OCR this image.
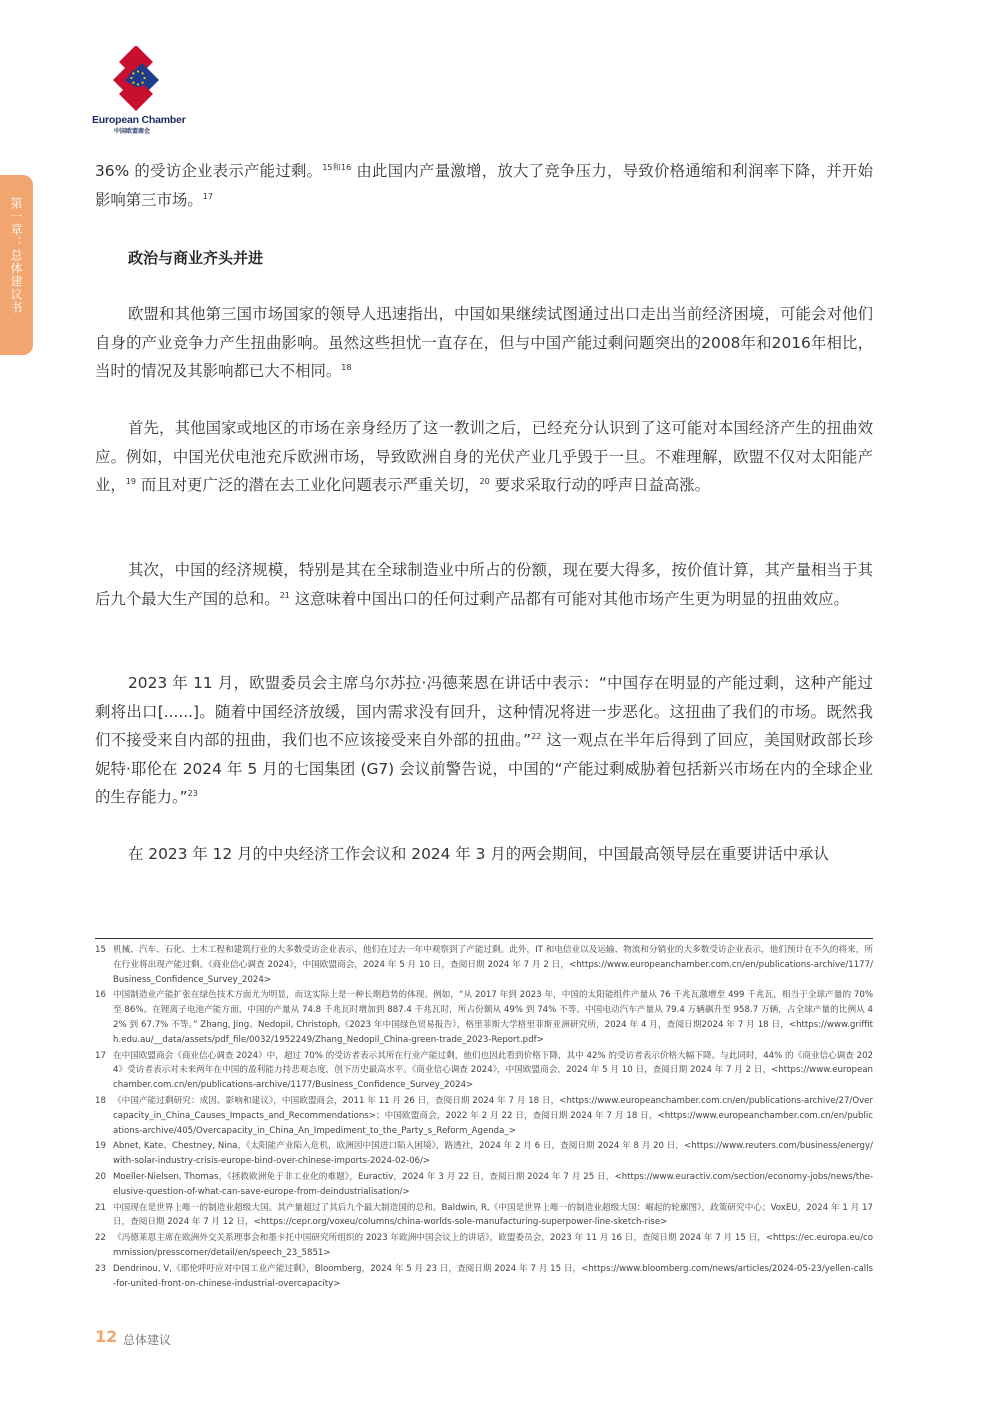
European Chamber
中国欧盟商会
第一章：总体建议书

36% 的受访企业表示产能过剩。$^{15和16}$ 由此国内产量激增，放大了竞争压力，导致价格通缩和利润率下降，并开始影响第三市场。$^{17}$

政治与商业齐头并进

欧盟和其他第三国市场国家的领导人迅速指出，中国如果继续试图通过出口走出当前经济困境，可能会对他们自身的产业竞争力产生扭曲影响。虽然这些担忧一直存在，但与中国产能过剩问题突出的2008年和2016年相比，当时的情况及其影响都已大不相同。$^{18}$

首先，其他国家或地区的市场在亲身经历了这一教训之后，已经充分认识到了这可能对本国经济产生的扭曲效应。例如，中国光伏电池充斥欧洲市场，导致欧洲自身的光伏产业几乎毁于一旦。不难理解，欧盟不仅对太阳能产业，$^{19}$ 而且对更广泛的潜在去工业化问题表示严重关切，$^{20}$ 要求采取行动的呼声日益高涨。

其次，中国的经济规模，特别是其在全球制造业中所占的份额，现在要大得多，按价值计算，其产量相当于其后九个最大生产国的总和。$^{21}$ 这意味着中国出口的任何过剩产品都有可能对其他市场产生更为明显的扭曲效应。

2023 年 11 月，欧盟委员会主席乌尔苏拉·冯德莱恩在讲话中表示：“中国存在明显的产能过剩，这种产能过剩将出口[......]。随着中国经济放缓，国内需求没有回升，这种情况将进一步恶化。这扭曲了我们的市场。既然我们不接受来自内部的扭曲，我们也不应该接受来自外部的扭曲。”$^{22}$ 这一观点在半年后得到了回应，美国财政部长珍妮特·耶伦在 2024 年 5 月的七国集团 (G7) 会议前警告说，中国的“产能过剩威胁着包括新兴市场在内的全球企业的生存能力。”$^{23}$

在 2023 年 12 月的中央经济工作会议和 2024 年 3 月的两会期间，中国最高领导层在重要讲话中承认

15 机械、汽车、石化、土木工程和建筑行业的大多数受访企业表示，他们在过去一年中观察到了产能过剩。此外，IT 和电信业以及运输、物流和分销业的大多数受访企业表示，他们预计在不久的将来，所在行业将出现产能过剩。《商业信心调查 2024》，中国欧盟商会，2024 年 5 月 10 日，查阅日期 2024 年 7 月 2 日，<https://www.europeanchamber.com.cn/en/publications-archive/1177/Business_Confidence_Survey_2024>
16 中国制造业产能扩张在绿色技术方面尤为明显，而这实际上是一种长期趋势的体现。例如，“从 2017 年到 2023 年，中国的太阳能组件产量从 76 千兆瓦激增至 499 千兆瓦，相当于全球产量的 70% 至 86%。在锂离子电池产能方面，中国的产量从 74.8 千兆瓦时增加到 887.4 千兆瓦时，所占份额从 49% 到 74% 不等。中国电动汽车产量从 79.4 万辆飙升至 958.7 万辆，占全球产量的比例从 42% 到 67.7% 不等。” Zhang, Jing、Nedopil, Christoph,《2023 年中国绿色贸易报告》，格里菲斯大学格里菲斯亚洲研究所，2024 年 4 月，查阅日期2024 年 7 月 18 日，<https://www.griffith.edu.au/__data/assets/pdf_file/0032/1952249/Zhang_Nedopil_China-green-trade_2023-Report.pdf>
17 在中国欧盟商会《商业信心调查 2024》中，超过 70% 的受访者表示其所在行业产能过剩，他们也因此看到价格下降，其中 42% 的受访者表示价格大幅下降。与此同时，44% 的《商业信心调查 2024》受访者表示对未来两年在中国的盈利能力持悲观态度，创下历史最高水平。《商业信心调查 2024》，中国欧盟商会，2024 年 5 月 10 日，查阅日期 2024 年 7 月 2 日，<https://www.europeanchamber.com.cn/en/publications-archive/1177/Business_Confidence_Survey_2024>
18 《中国产能过剩研究：成因、影响和建议》，中国欧盟商会，2011 年 11 月 26 日，查阅日期 2024 年 7 月 18 日，<https://www.europeanchamber.com.cn/en/publications-archive/27/Overcapacity_in_China_Causes_Impacts_and_Recommendations>；中国欧盟商会，2022 年 2 月 22 日，查阅日期 2024 年 7 月 18 日，<https://www.europeanchamber.com.cn/en/publications-archive/405/Overcapacity_in_China_An_Impediment_to_the_Party_s_Reform_Agenda_>
19 Abnet, Kate、Chestney, Nina，《太阳能产业陷入危机，欧洲因中国进口陷入困境》，路透社，2024 年 2 月 6 日，查阅日期 2024 年 8 月 20 日，<https://www.reuters.com/business/energy/with-solar-industry-crisis-europe-bind-over-chinese-imports-2024-02-06/>
20 Moeller-Nielsen, Thomas，《拯救欧洲免于非工业化的难题》，Euractiv，2024 年 3 月 22 日，查阅日期 2024 年 7 月 25 日，<https://www.euractiv.com/section/economy-jobs/news/the-elusive-question-of-what-can-save-europe-from-deindustrialisation/>
21 中国现在是世界上唯一的制造业超级大国。其产量超过了其后九个最大制造国的总和。Baldwin, R,《中国是世界上唯一的制造业超级大国：崛起的轮廓图》，政策研究中心；VoxEU，2024 年 1 月 17 日，查阅日期 2024 年 7 月 12 日，<https://cepr.org/voxeu/columns/china-worlds-sole-manufacturing-superpower-line-sketch-rise>
22 《冯德莱恩主席在欧洲外交关系理事会和墨卡托中国研究所组织的 2023 年欧洲中国会议上的讲话》，欧盟委员会，2023 年 11 月 16 日，查阅日期 2024 年 7 月 15 日，<https://ec.europa.eu/commission/presscorner/detail/en/speech_23_5851>
23 Dendrinou, V,《耶伦呼吁应对中国工业产能过剩》，Bloomberg，2024 年 5 月 23 日，查阅日期 2024 年 7 月 15 日，<https://www.bloomberg.com/news/articles/2024-05-23/yellen-calls-for-united-front-on-chinese-industrial-overcapacity>
12 总体建议
